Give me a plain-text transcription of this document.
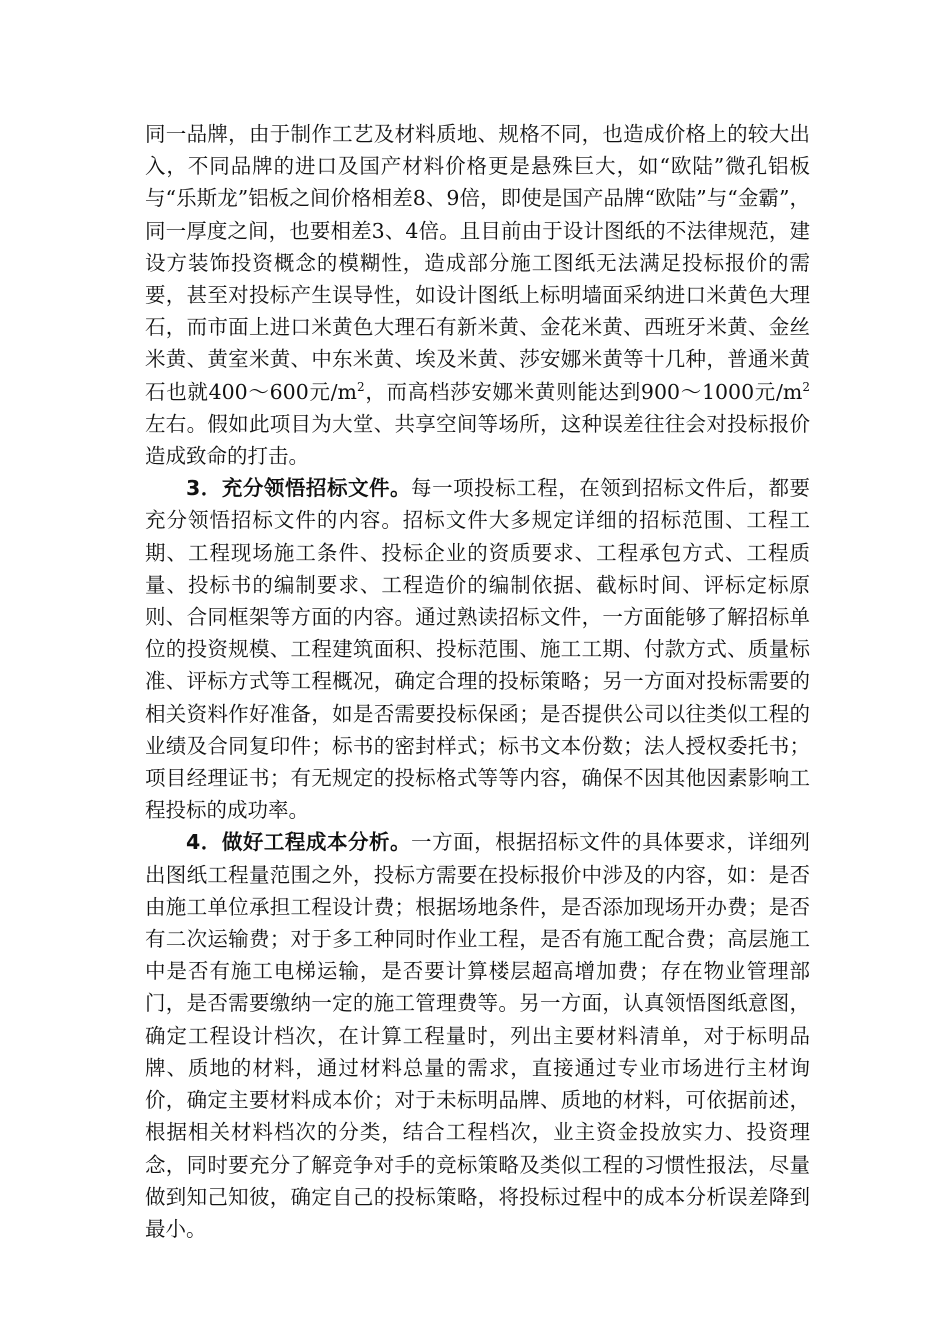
同一品牌，由于制作工艺及材料质地、规格不同，也造成价格上的较大出入，不同品牌的进口及国产材料价格更是悬殊巨大，如“欧陆”微孔铝板与“乐斯龙”铝板之间价格相差8、9倍，即使是国产品牌“欧陆”与“金霸”，同一厚度之间，也要相差3、4倍。且目前由于设计图纸的不法律规范，建设方装饰投资概念的模糊性，造成部分施工图纸无法满足投标报价的需要，甚至对投标产生误导性，如设计图纸上标明墙面采纳进口米黄色大理石，而市面上进口米黄色大理石有新米黄、金花米黄、西班牙米黄、金丝米黄、黄室米黄、中东米黄、埃及米黄、莎安娜米黄等十几种，普通米黄石也就400～600元$/m^2$，而高档莎安娜米黄则能达到900～1000元$/m^2$左右。假如此项目为大堂、共享空间等场所，这种误差往往会对投标报价造成致命的打击。

3．充分领悟招标文件。每一项投标工程，在领到招标文件后，都要充分领悟招标文件的内容。招标文件大多规定详细的招标范围、工程工期、工程现场施工条件、投标企业的资质要求、工程承包方式、工程质量、投标书的编制要求、工程造价的编制依据、截标时间、评标定标原则、合同框架等方面的内容。通过熟读招标文件，一方面能够了解招标单位的投资规模、工程建筑面积、投标范围、施工工期、付款方式、质量标准、评标方式等工程概况，确定合理的投标策略；另一方面对投标需要的相关资料作好准备，如是否需要投标保函；是否提供公司以往类似工程的业绩及合同复印件；标书的密封样式；标书文本份数；法人授权委托书；项目经理证书；有无规定的投标格式等等内容，确保不因其他因素影响工程投标的成功率。

4．做好工程成本分析。一方面，根据招标文件的具体要求，详细列出图纸工程量范围之外，投标方需要在投标报价中涉及的内容，如：是否由施工单位承担工程设计费；根据场地条件，是否添加现场开办费；是否有二次运输费；对于多工种同时作业工程，是否有施工配合费；高层施工中是否有施工电梯运输，是否要计算楼层超高增加费；存在物业管理部门，是否需要缴纳一定的施工管理费等。另一方面，认真领悟图纸意图，确定工程设计档次，在计算工程量时，列出主要材料清单，对于标明品牌、质地的材料，通过材料总量的需求，直接通过专业市场进行主材询价，确定主要材料成本价；对于未标明品牌、质地的材料，可依据前述，根据相关材料档次的分类，结合工程档次，业主资金投放实力、投资理念，同时要充分了解竞争对手的竞标策略及类似工程的习惯性报法，尽量做到知己知彼，确定自己的投标策略，将投标过程中的成本分析误差降到最小。
